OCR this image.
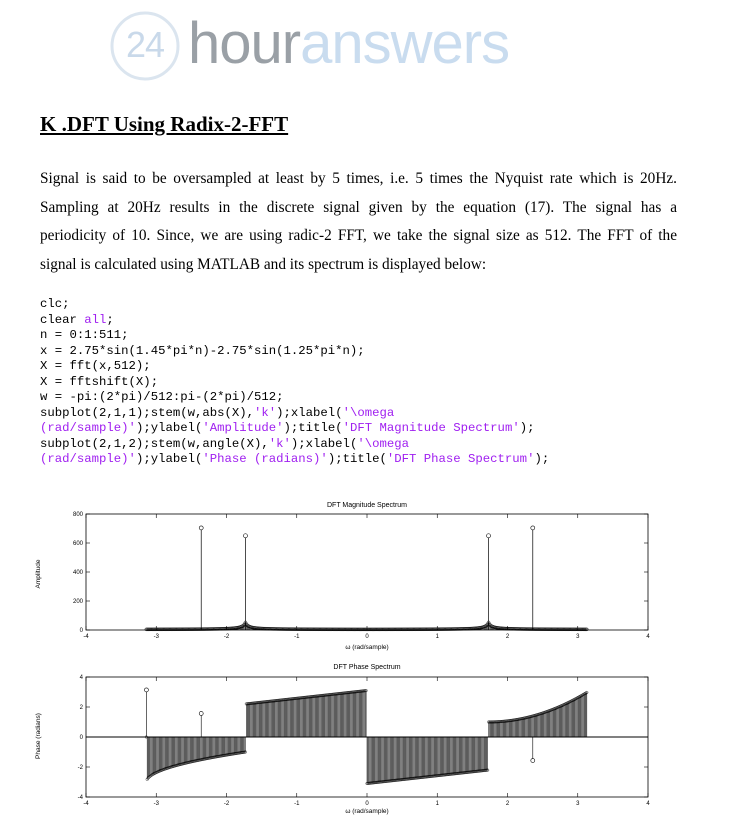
24 houranswers
K .DFT Using Radix-2-FFT
Signal is said to be oversampled at least by 5 times, i.e. 5 times the Nyquist rate which is 20Hz.
Sampling at 20Hz results in the discrete signal given by the equation (17). The signal has a
periodicity of 10. Since, we are using radic-2 FFT, we take the signal size as 512. The FFT of the
signal is calculated using MATLAB and its spectrum is displayed below:
clc;
clear all;
n = 0:1:511;
x = 2.75*sin(1.45*pi*n)-2.75*sin(1.25*pi*n);
X = fft(x,512);
X = fftshift(X);
w = -pi:(2*pi)/512:pi-(2*pi)/512;
subplot(2,1,1);stem(w,abs(X),'k');xlabel('\omega
(rad/sample)');ylabel('Amplitude');title('DFT Magnitude Spectrum');
subplot(2,1,2);stem(w,angle(X),'k');xlabel('\omega
(rad/sample)');ylabel('Phase (radians)');title('DFT Phase Spectrum');
-4	-3	-2	-1	0	1	2	3	4
0
200
400
600
800
-4	-3	-2	-1	0	1	2	3	4
-4
-2
0
2
4
DFT Magnitude Spectrum
ω (rad/sample)
Amplitude
DFT Phase Spectrum
ω (rad/sample)
Phase (radians)
